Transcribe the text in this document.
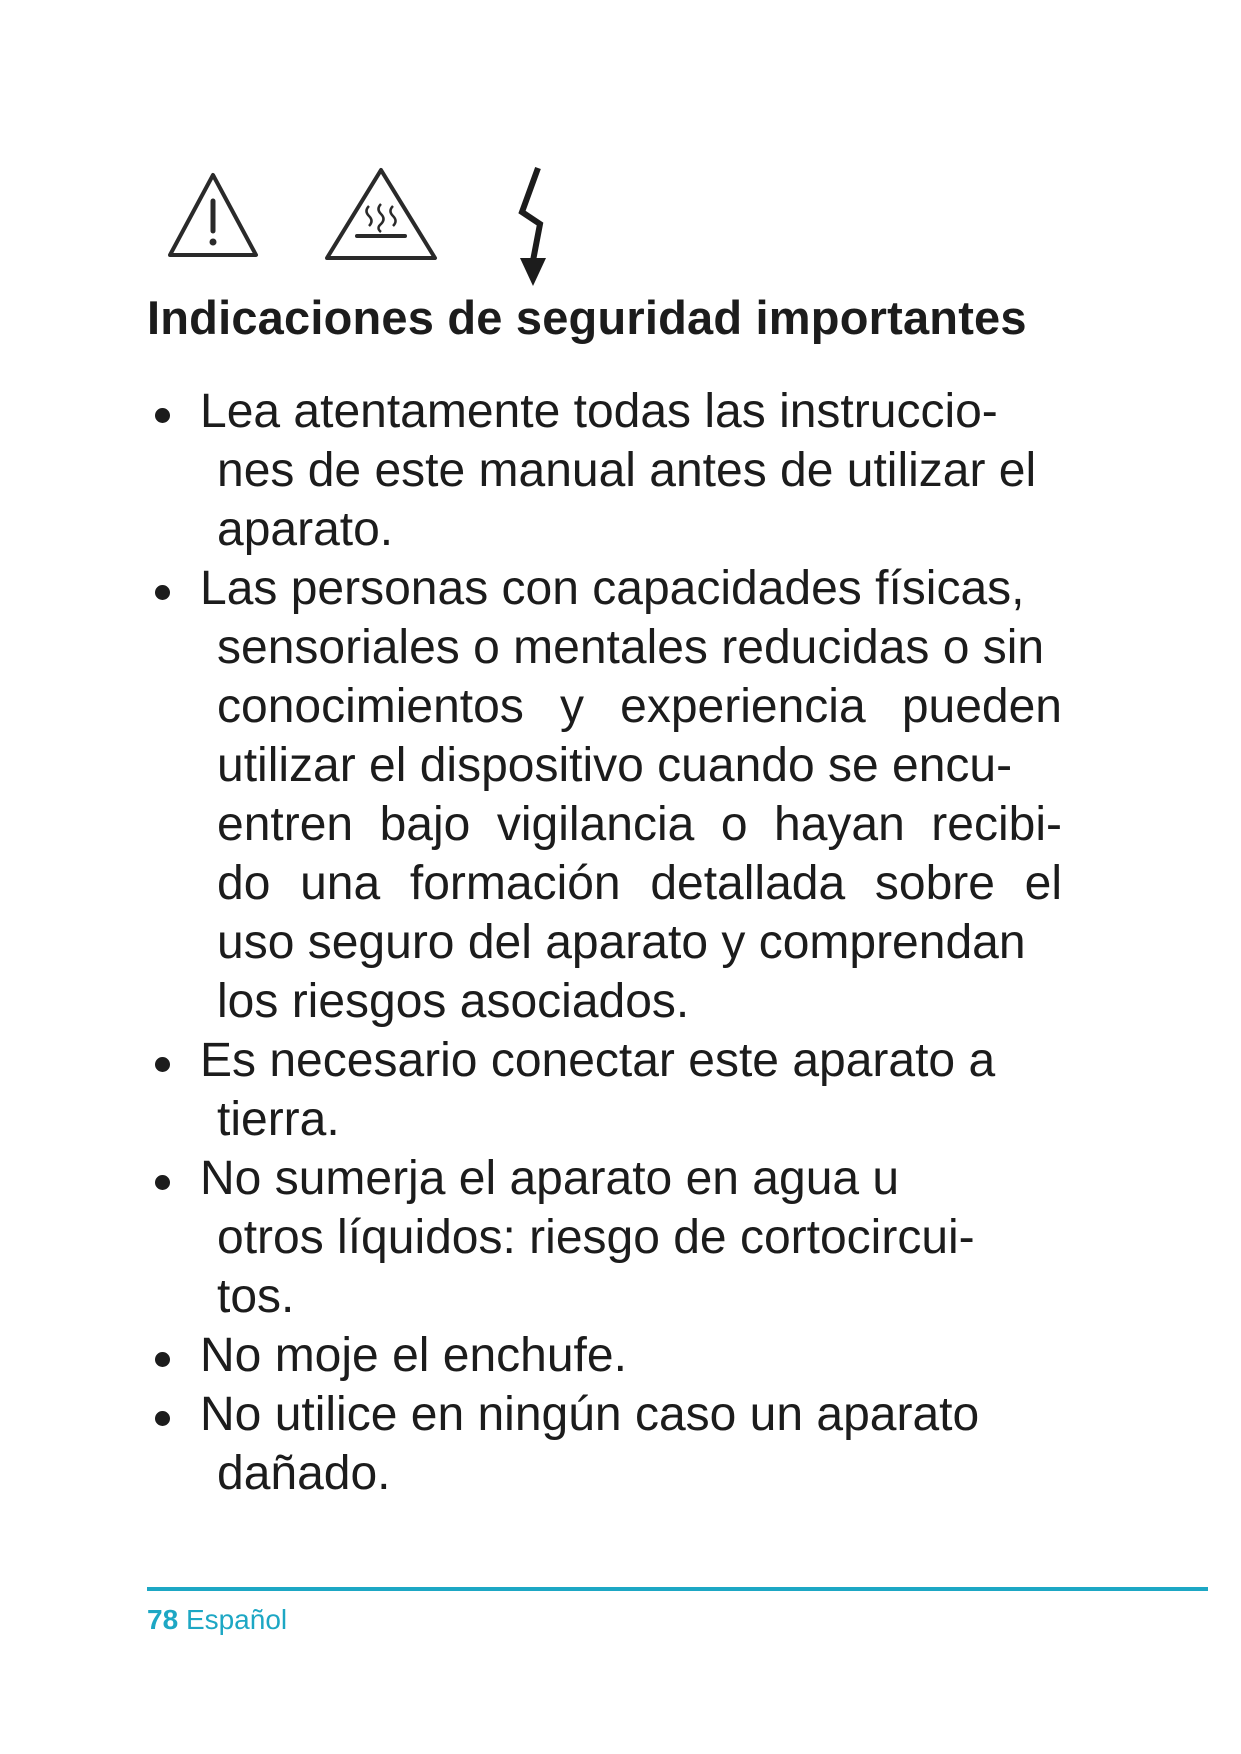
Indicaciones de seguridad importantes
Lea atentamente todas las instruccio-
nes de este manual antes de utilizar el
aparato.
Las personas con capacidades físicas,
sensoriales o mentales reducidas o sin
conocimientos y experiencia pueden
utilizar el dispositivo cuando se encu-
entren bajo vigilancia o hayan recibi-
do una formación detallada sobre el
uso seguro del aparato y comprendan
los riesgos asociados.
Es necesario conectar este aparato a
tierra.
No sumerja el aparato en agua u
otros líquidos: riesgo de cortocircui-
tos.
No moje el enchufe.
No utilice en ningún caso un aparato
dañado.
78 Español
